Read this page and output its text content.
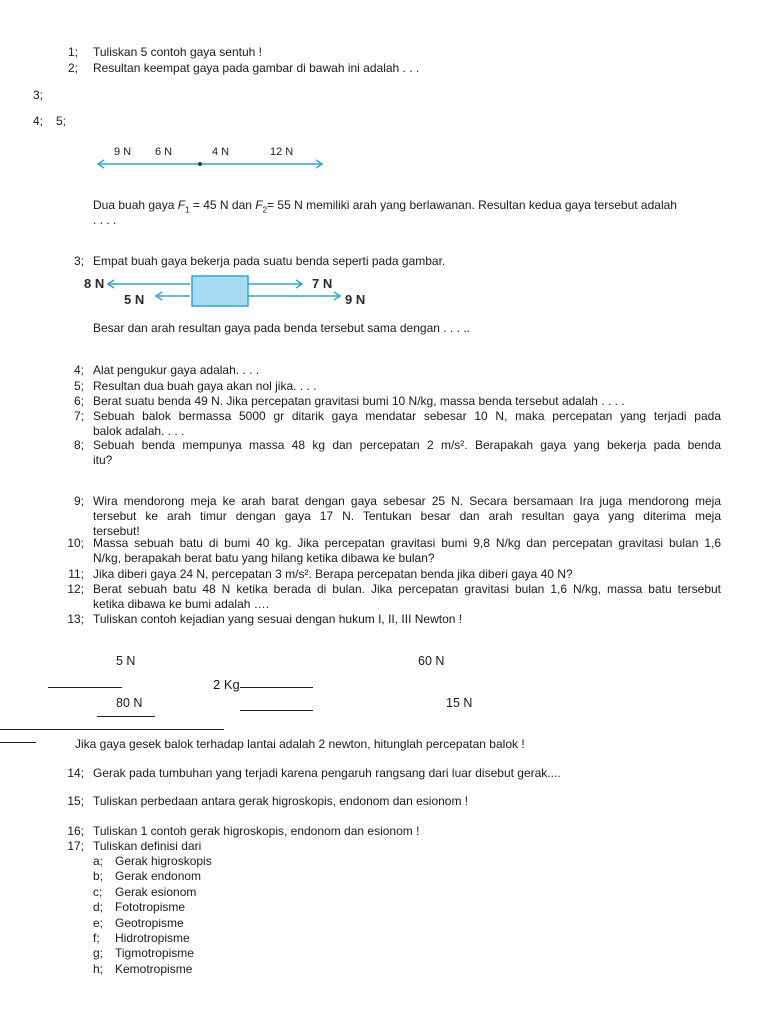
1; Tuliskan 5 contoh gaya sentuh !
2; Resultan keempat gaya pada gambar di bawah ini adalah . . .
3;
4; 5;
9 N 6 N	4 N	12 N
Dua buah gaya $F_1 = 45$ N dan $F_2= 55$ N memiliki arah yang berlawanan. Resultan kedua gaya tersebut adalah
. . . .
3; Empat buah gaya bekerja pada suatu benda seperti pada gambar.
8 N
5 N
7 N
9 N
Besar dan arah resultan gaya pada benda tersebut sama dengan . . . ..
4; Alat pengukur gaya adalah. . . .
5; Resultan dua buah gaya akan nol jika. . . .
6; Berat suatu benda 49 N. Jika percepatan gravitasi bumi 10 N/kg, massa benda tersebut adalah . . . .
7; Sebuah balok bermassa 5000 gr ditarik gaya mendatar sebesar 10 N, maka percepatan yang terjadi pada
balok adalah. . . .
8; Sebuah benda mempunya massa 48 kg dan percepatan 2 m/s². Berapakah gaya yang bekerja pada benda
itu?
9; Wira mendorong meja ke arah barat dengan gaya sebesar 25 N. Secara bersamaan Ira juga mendorong meja
tersebut ke arah timur dengan gaya 17 N. Tentukan besar dan arah resultan gaya yang diterima meja
tersebut!
10; Massa sebuah batu di bumi 40 kg. Jika percepatan gravitasi bumi 9,8 N/kg dan percepatan gravitasi bulan 1,6
N/kg, berapakah berat batu yang hilang ketika dibawa ke bulan?
11; Jika diberi gaya 24 N, percepatan 3 m/s². Berapa percepatan benda jika diberi gaya 40 N?
12; Berat sebuah batu 48 N ketika berada di bulan. Jika percepatan gravitasi bulan 1,6 N/kg, massa batu tersebut
ketika dibawa ke bumi adalah ….
13; Tuliskan contoh kejadian yang sesuai dengan hukum I, II, III Newton !
5 N	60 N
2 Kg
80 N	15 N
Jika gaya gesek balok terhadap lantai adalah 2 newton, hitunglah percepatan balok !
14; Gerak pada tumbuhan yang terjadi karena pengaruh rangsang dari luar disebut gerak....
15; Tuliskan perbedaan antara gerak higroskopis, endonom dan esionom !
16; Tuliskan 1 contoh gerak higroskopis, endonom dan esionom !
17; Tuliskan definisi dari
a; Gerak higroskopis
b; Gerak endonom
c; Gerak esionom
d; Fototropisme
e; Geotropisme
f; Hidrotropisme
g; Tigmotropisme
h; Kemotropisme
